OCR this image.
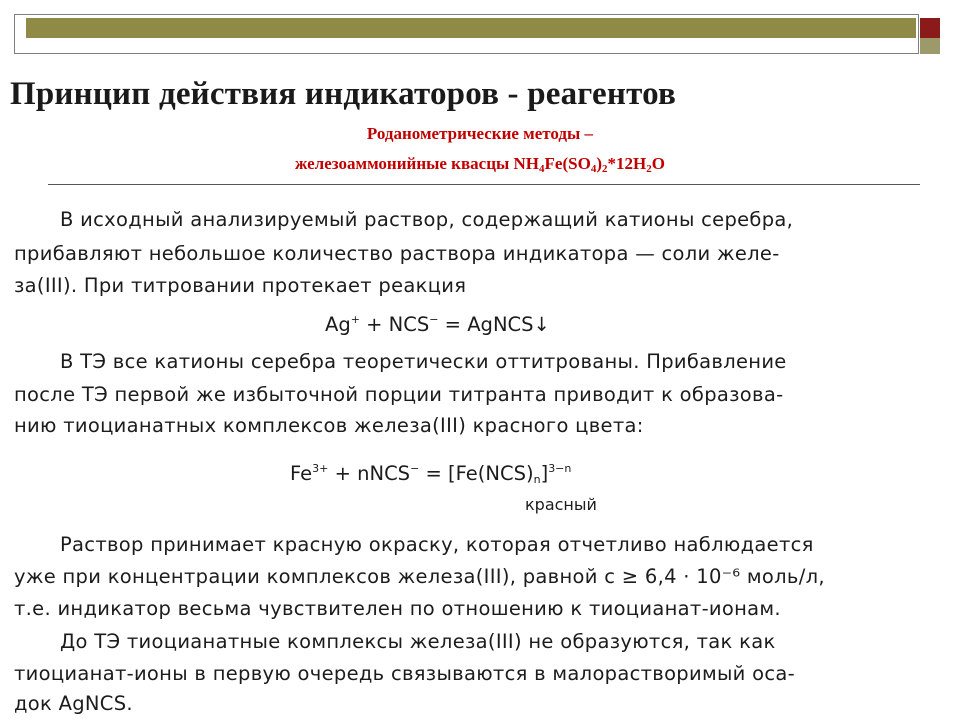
Принцип действия индикаторов - реагентов
Роданометрические методы –
железоаммонийные квасцы $NH_4Fe(SO_4)_2*12H_2O$
В исходный анализируемый раствор, содержащий катионы серебра,
прибавляют небольшое количество раствора индикатора — соли желе-
за(III). При титровании протекает реакция
Ag+ + NCS− = AgNCS↓
В ТЭ все катионы серебра теоретически оттитрованы. Прибавление
после ТЭ первой же избыточной порции титранта приводит к образова-
нию тиоцианатных комплексов железа(III) красного цвета:
$Fe^{3+}$ + nNCS− = $[Fe(NCS)_n]^{3-n}$
красный
Раствор принимает красную окраску, которая отчетливо наблюдается
уже при концентрации комплексов железа(III), равной c ≥ 6,4 · 10⁻⁶ моль/л,
т.е. индикатор весьма чувствителен по отношению к тиоцианат-ионам.
До ТЭ тиоцианатные комплексы железа(III) не образуются, так как
тиоцианат-ионы в первую очередь связываются в малорастворимый оса-
док AgNCS.
